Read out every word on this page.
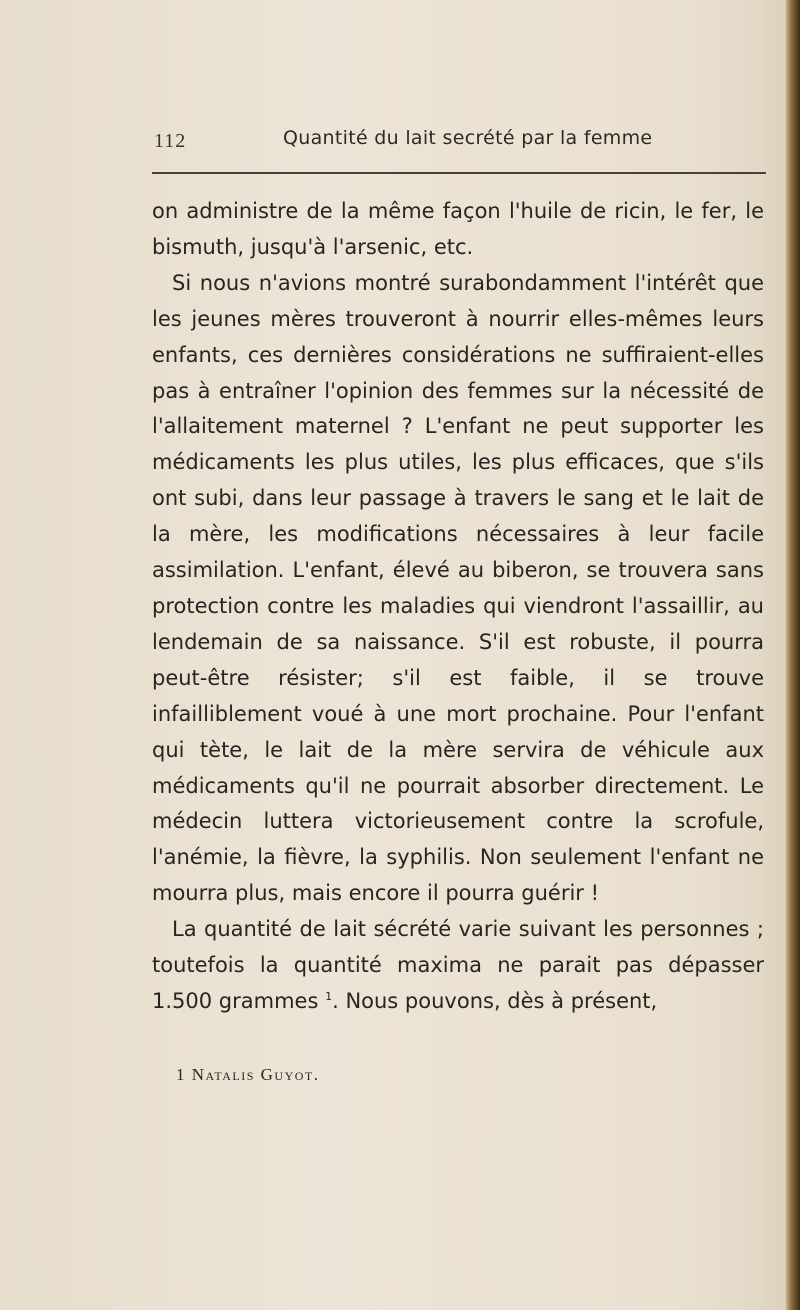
112	Quantité du lait secrété par la femme

on administre de la même façon l'huile de ricin, le fer, le bismuth, jusqu'à l'arsenic, etc.

Si nous n'avions montré surabondamment l'intérêt que les jeunes mères trouveront à nourrir elles-mêmes leurs enfants, ces dernières considérations ne suffiraient-elles pas à entraîner l'opinion des femmes sur la nécessité de l'allaitement maternel ? L'enfant ne peut supporter les médicaments les plus utiles, les plus efficaces, que s'ils ont subi, dans leur passage à travers le sang et le lait de la mère, les modifications nécessaires à leur facile assimilation. L'enfant, élevé au biberon, se trouvera sans protection contre les maladies qui viendront l'assaillir, au lendemain de sa naissance. S'il est robuste, il pourra peut-être résister; s'il est faible, il se trouve infailliblement voué à une mort prochaine. Pour l'enfant qui tète, le lait de la mère servira de véhicule aux médicaments qu'il ne pourrait absorber directement. Le médecin luttera victorieusement contre la scrofule, l'anémie, la fièvre, la syphilis. Non seulement l'enfant ne mourra plus, mais encore il pourra guérir !

La quantité de lait sécrété varie suivant les personnes ; toutefois la quantité maxima ne parait pas dépasser 1.500 grammes $^1$. Nous pouvons, dès à présent,

1 Natalis Guyot.
